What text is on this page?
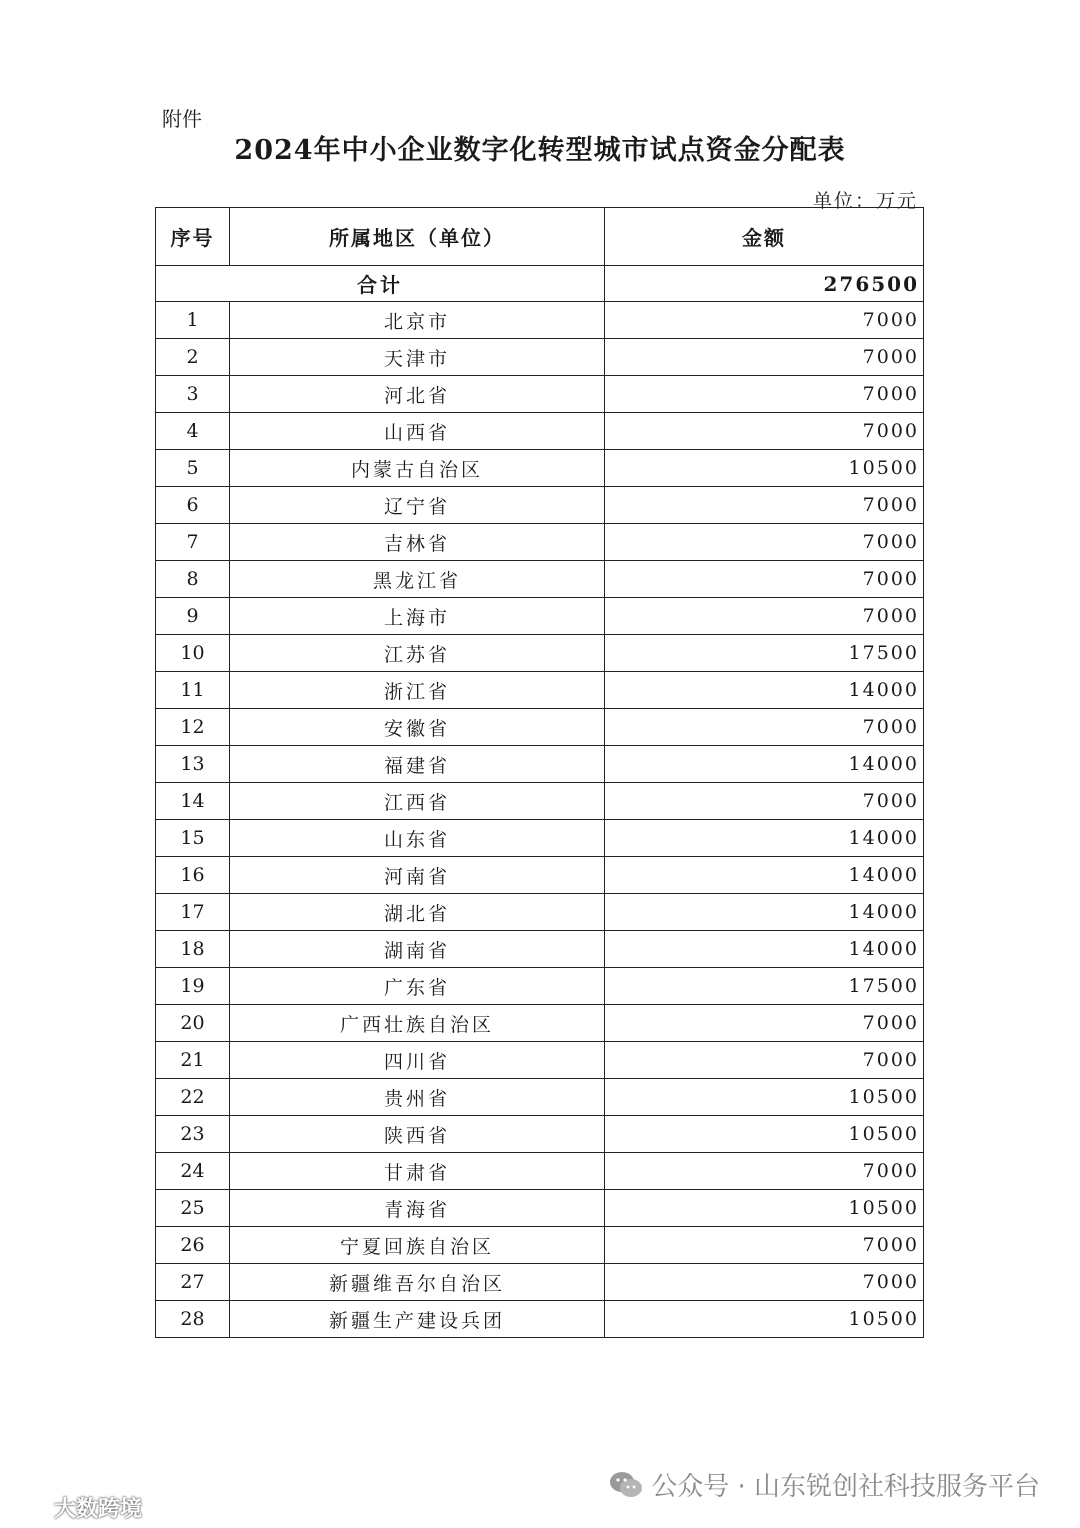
附件
2024年中小企业数字化转型城市试点资金分配表
单位：万元
序号	所属地区（单位）	金额
合计		276500
1	北京市	7000
2	天津市	7000
3	河北省	7000
4	山西省	7000
5	内蒙古自治区	10500
6	辽宁省	7000
7	吉林省	7000
8	黑龙江省	7000
9	上海市	7000
10	江苏省	17500
11	浙江省	14000
12	安徽省	7000
13	福建省	14000
14	江西省	7000
15	山东省	14000
16	河南省	14000
17	湖北省	14000
18	湖南省	14000
19	广东省	17500
20	广西壮族自治区	7000
21	四川省	7000
22	贵州省	10500
23	陕西省	10500
24	甘肃省	7000
25	青海省	10500
26	宁夏回族自治区	7000
27	新疆维吾尔自治区	7000
28	新疆生产建设兵团	10500
公众号 · 山东锐创社科技服务平台
大数跨境
